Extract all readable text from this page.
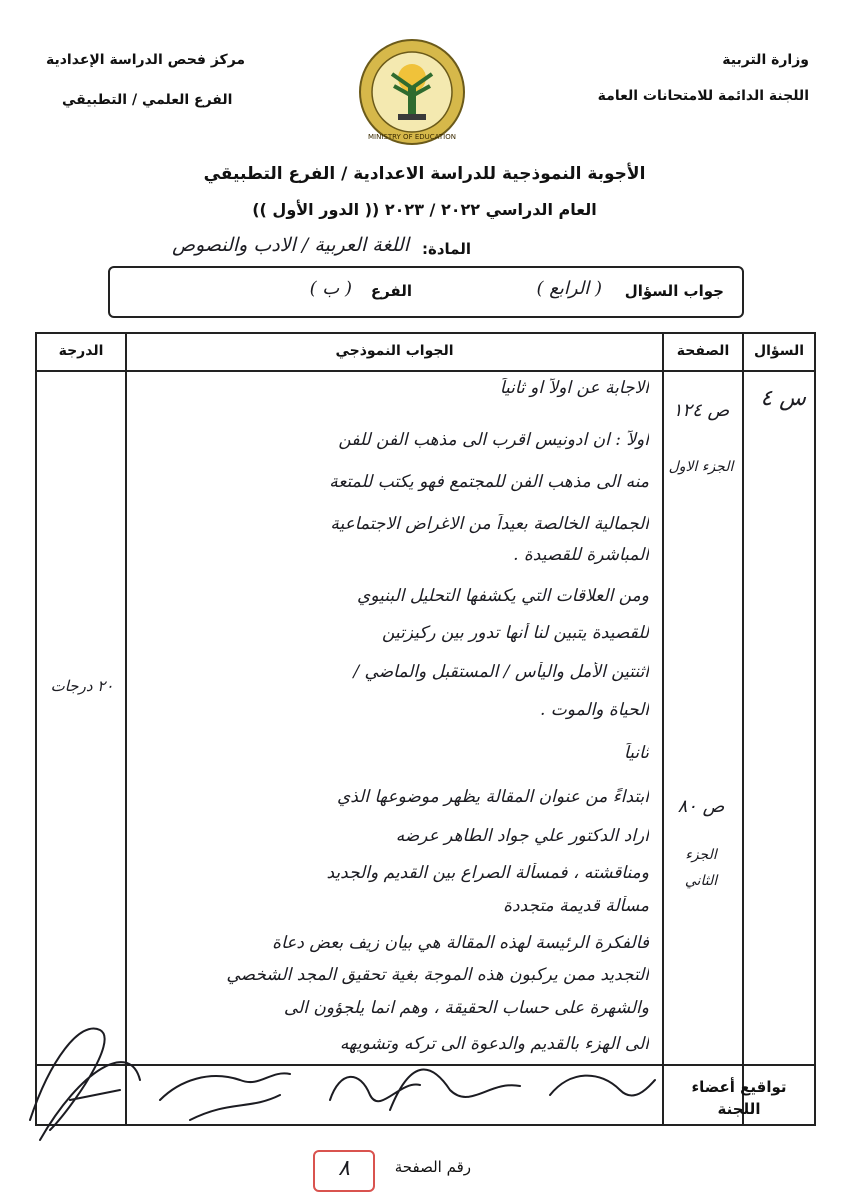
وزارة التربية
اللجنة الدائمة للامتحانات العامة
مركز فحص الدراسة الإعدادية
الفرع العلمي / التطبيقي
MINISTRY OF EDUCATION
الأجوبة النموذجية للدراسة الاعدادية / الفرع التطبيقي
العام الدراسي ٢٠٢٢ / ٢٠٢٣ (( الدور الأول ))
المادة:
اللغة العربية / الادب والنصوص
جواب السؤال
( الرابع )
الفرع
( ب )
السؤال
الصفحة
الجواب النموذجي
الدرجة
س ٤
ص ١٢٤
الجزء الاول
ص ٨٠
الجزء الثاني
٢٠ درجات
تواقيع أعضاء اللجنة
الاجابة عن اولاً او ثانياً
اولاً : ان ادونيس اقرب الى مذهب الفن للفن
منه الى مذهب الفن للمجتمع فهو يكتب للمتعة
الجمالية الخالصة بعيداً من الاغراض الاجتماعية
المباشرة للقصيدة .
ومن العلاقات التي يكشفها التحليل البنيوي
للقصيدة يتبين لنا أنها تدور بين ركيزتين
اثنتين الأمل واليأس / المستقبل والماضي /
الحياة والموت .
ثانياً
ابتداءً من عنوان المقالة يظهر موضوعها الذي
اراد الدكتور علي جواد الطاهر عرضه
ومناقشته ، فمسألة الصراع بين القديم والجديد
مسألة قديمة متجددة
فالفكرة الرئيسة لهذه المقالة هي بيان زيف بعض دعاة
التجديد ممن يركبون هذه الموجة بغية تحقيق المجد الشخصي
والشهرة على حساب الحقيقة ، وهم انما يلجؤون الى
الى الهزء بالقديم والدعوة الى تركه وتشويهه
رقم الصفحة
٨
